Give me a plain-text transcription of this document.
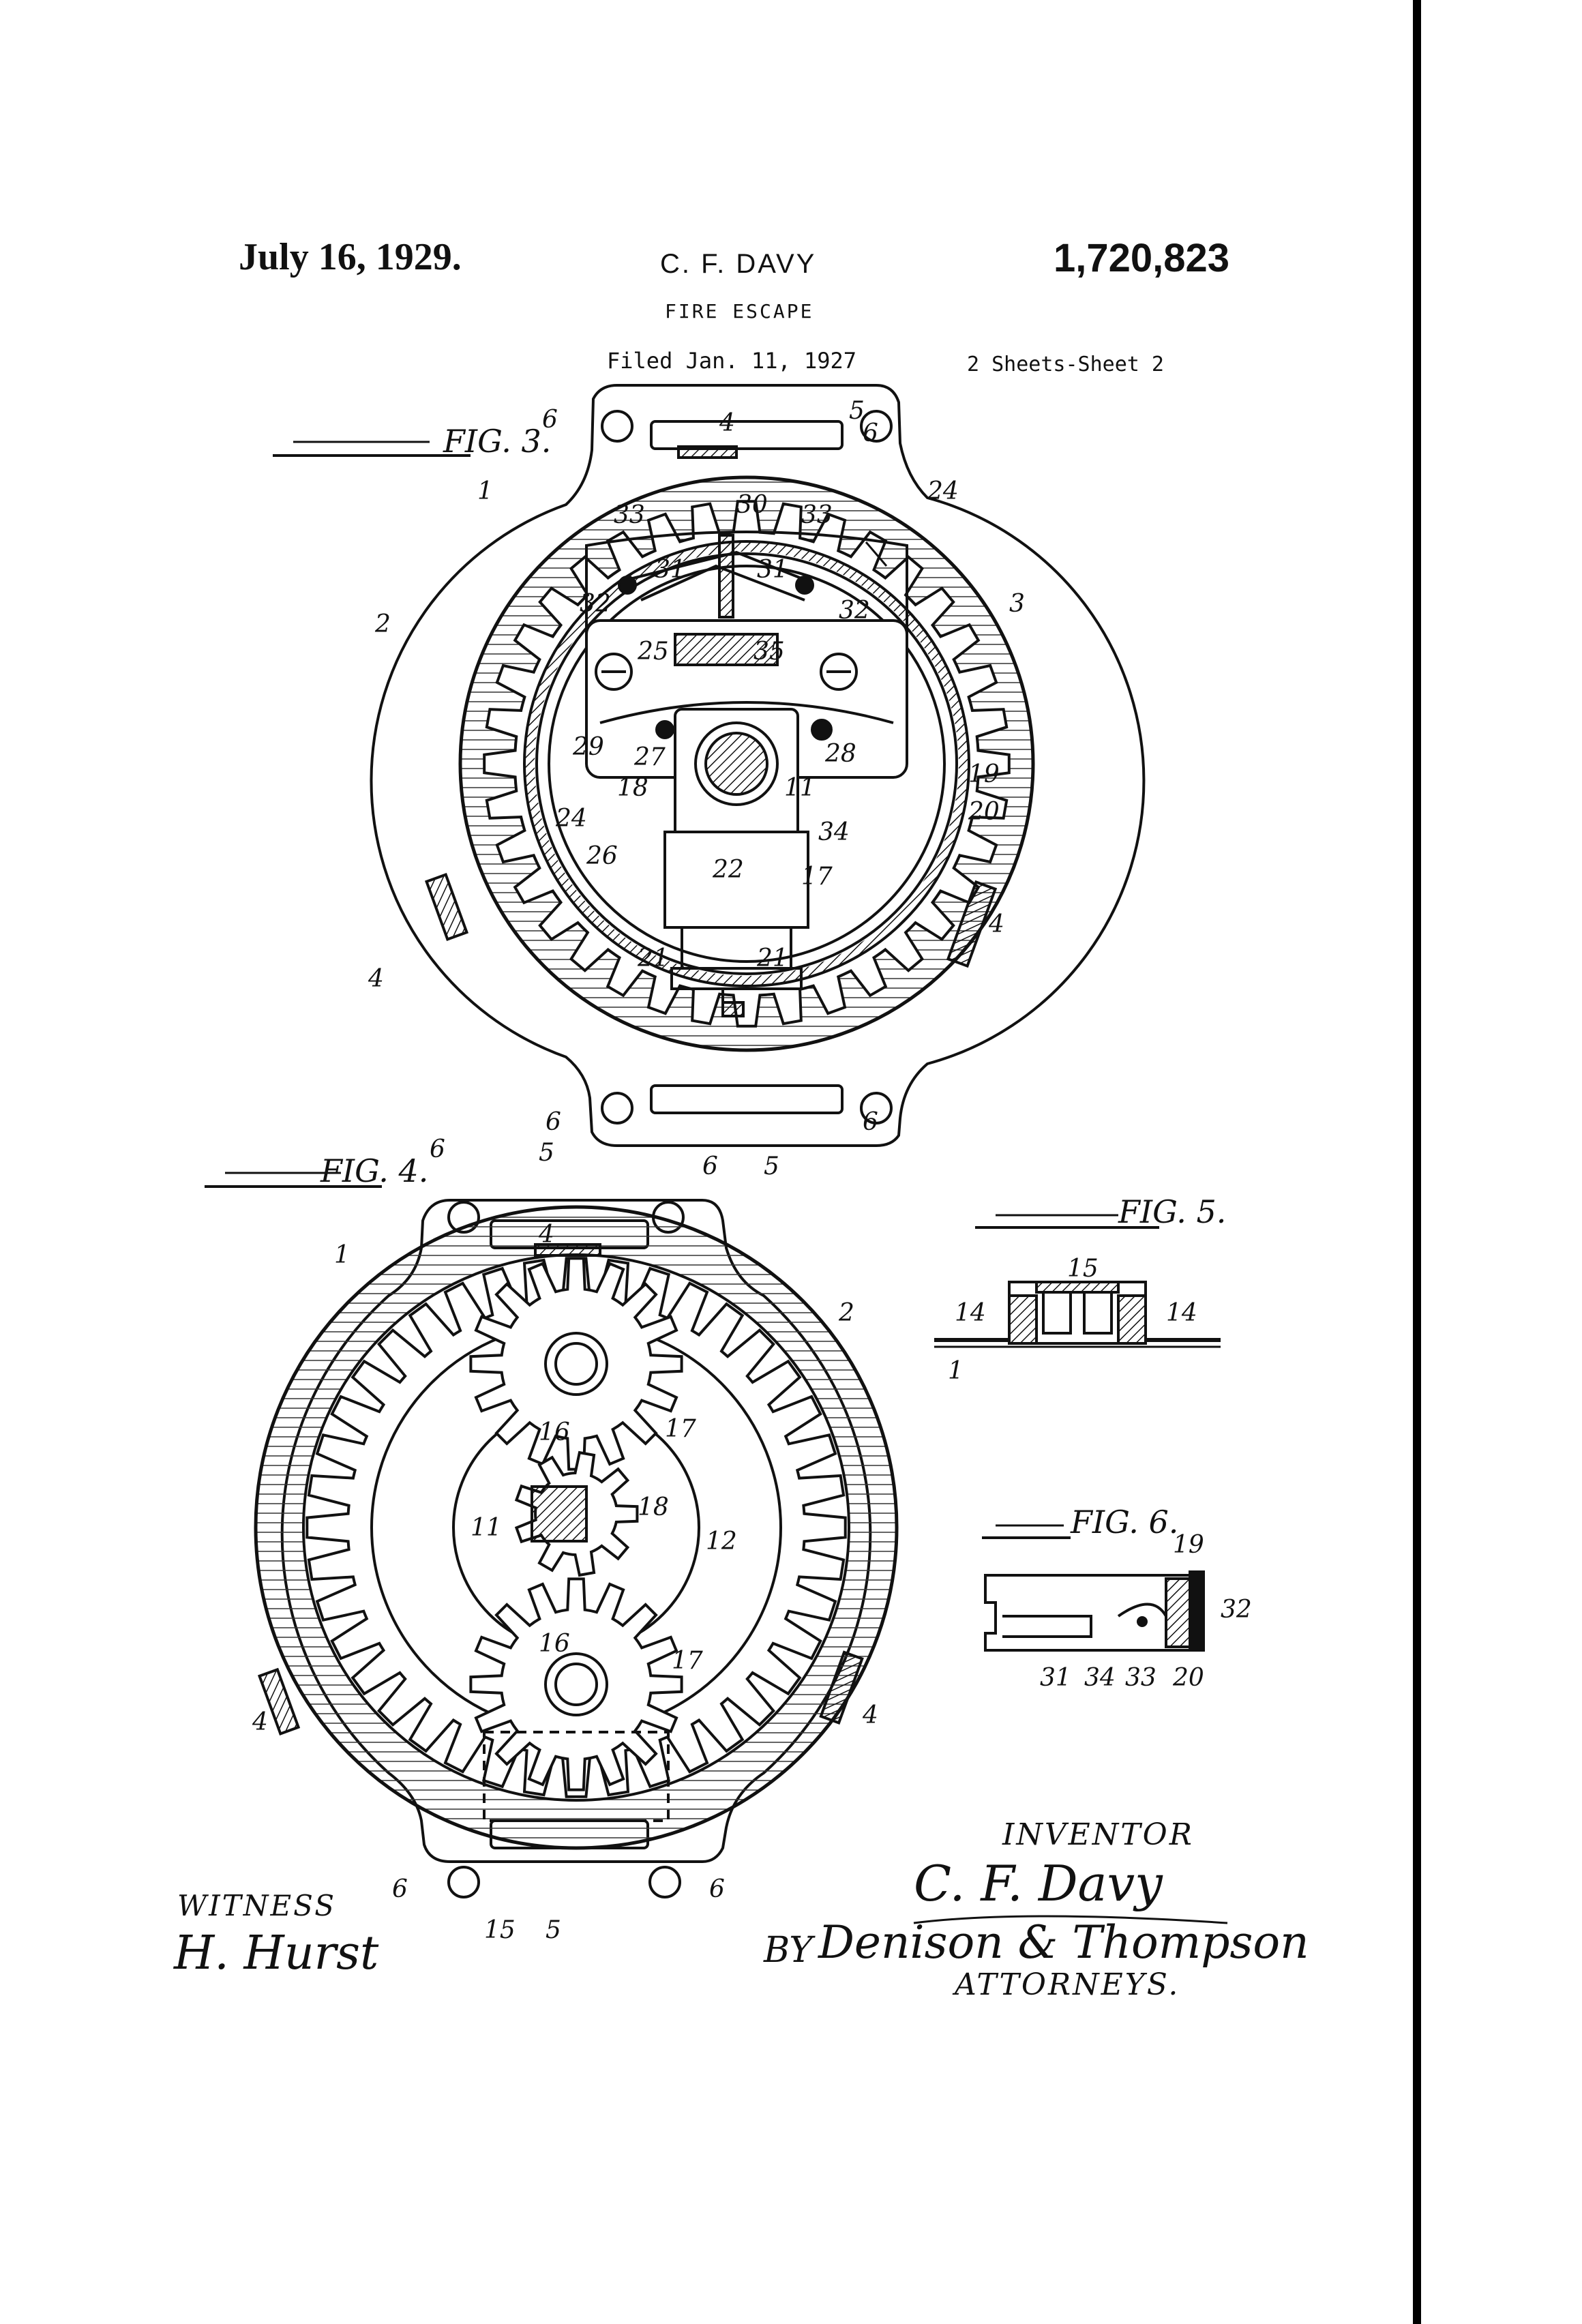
July 16, 1929.	C. F. DAVY	1,720,823
FIRE ESCAPE
Filed Jan. 11, 1927	2 Sheets-Sheet 2
FIG. 3.
FIG. 4.
FIG. 5.
FIG. 6.
6	5
6
4
1	24
33	30 33
2
31	31
32	32	3
25	35
29 27	28
18	11
24
26
19
20
34
22 17
4
4
21	21
6	6
5
6	5	6
4
1
2
16	17
11
18
12
16
17
4	4
6	6
15 5
15
14	14
1
19
32
31 34 33 20
INVENTOR
C. F. Davy
BY Denison & Thompson
ATTORNEYS.
WITNESS
H. Hurst
